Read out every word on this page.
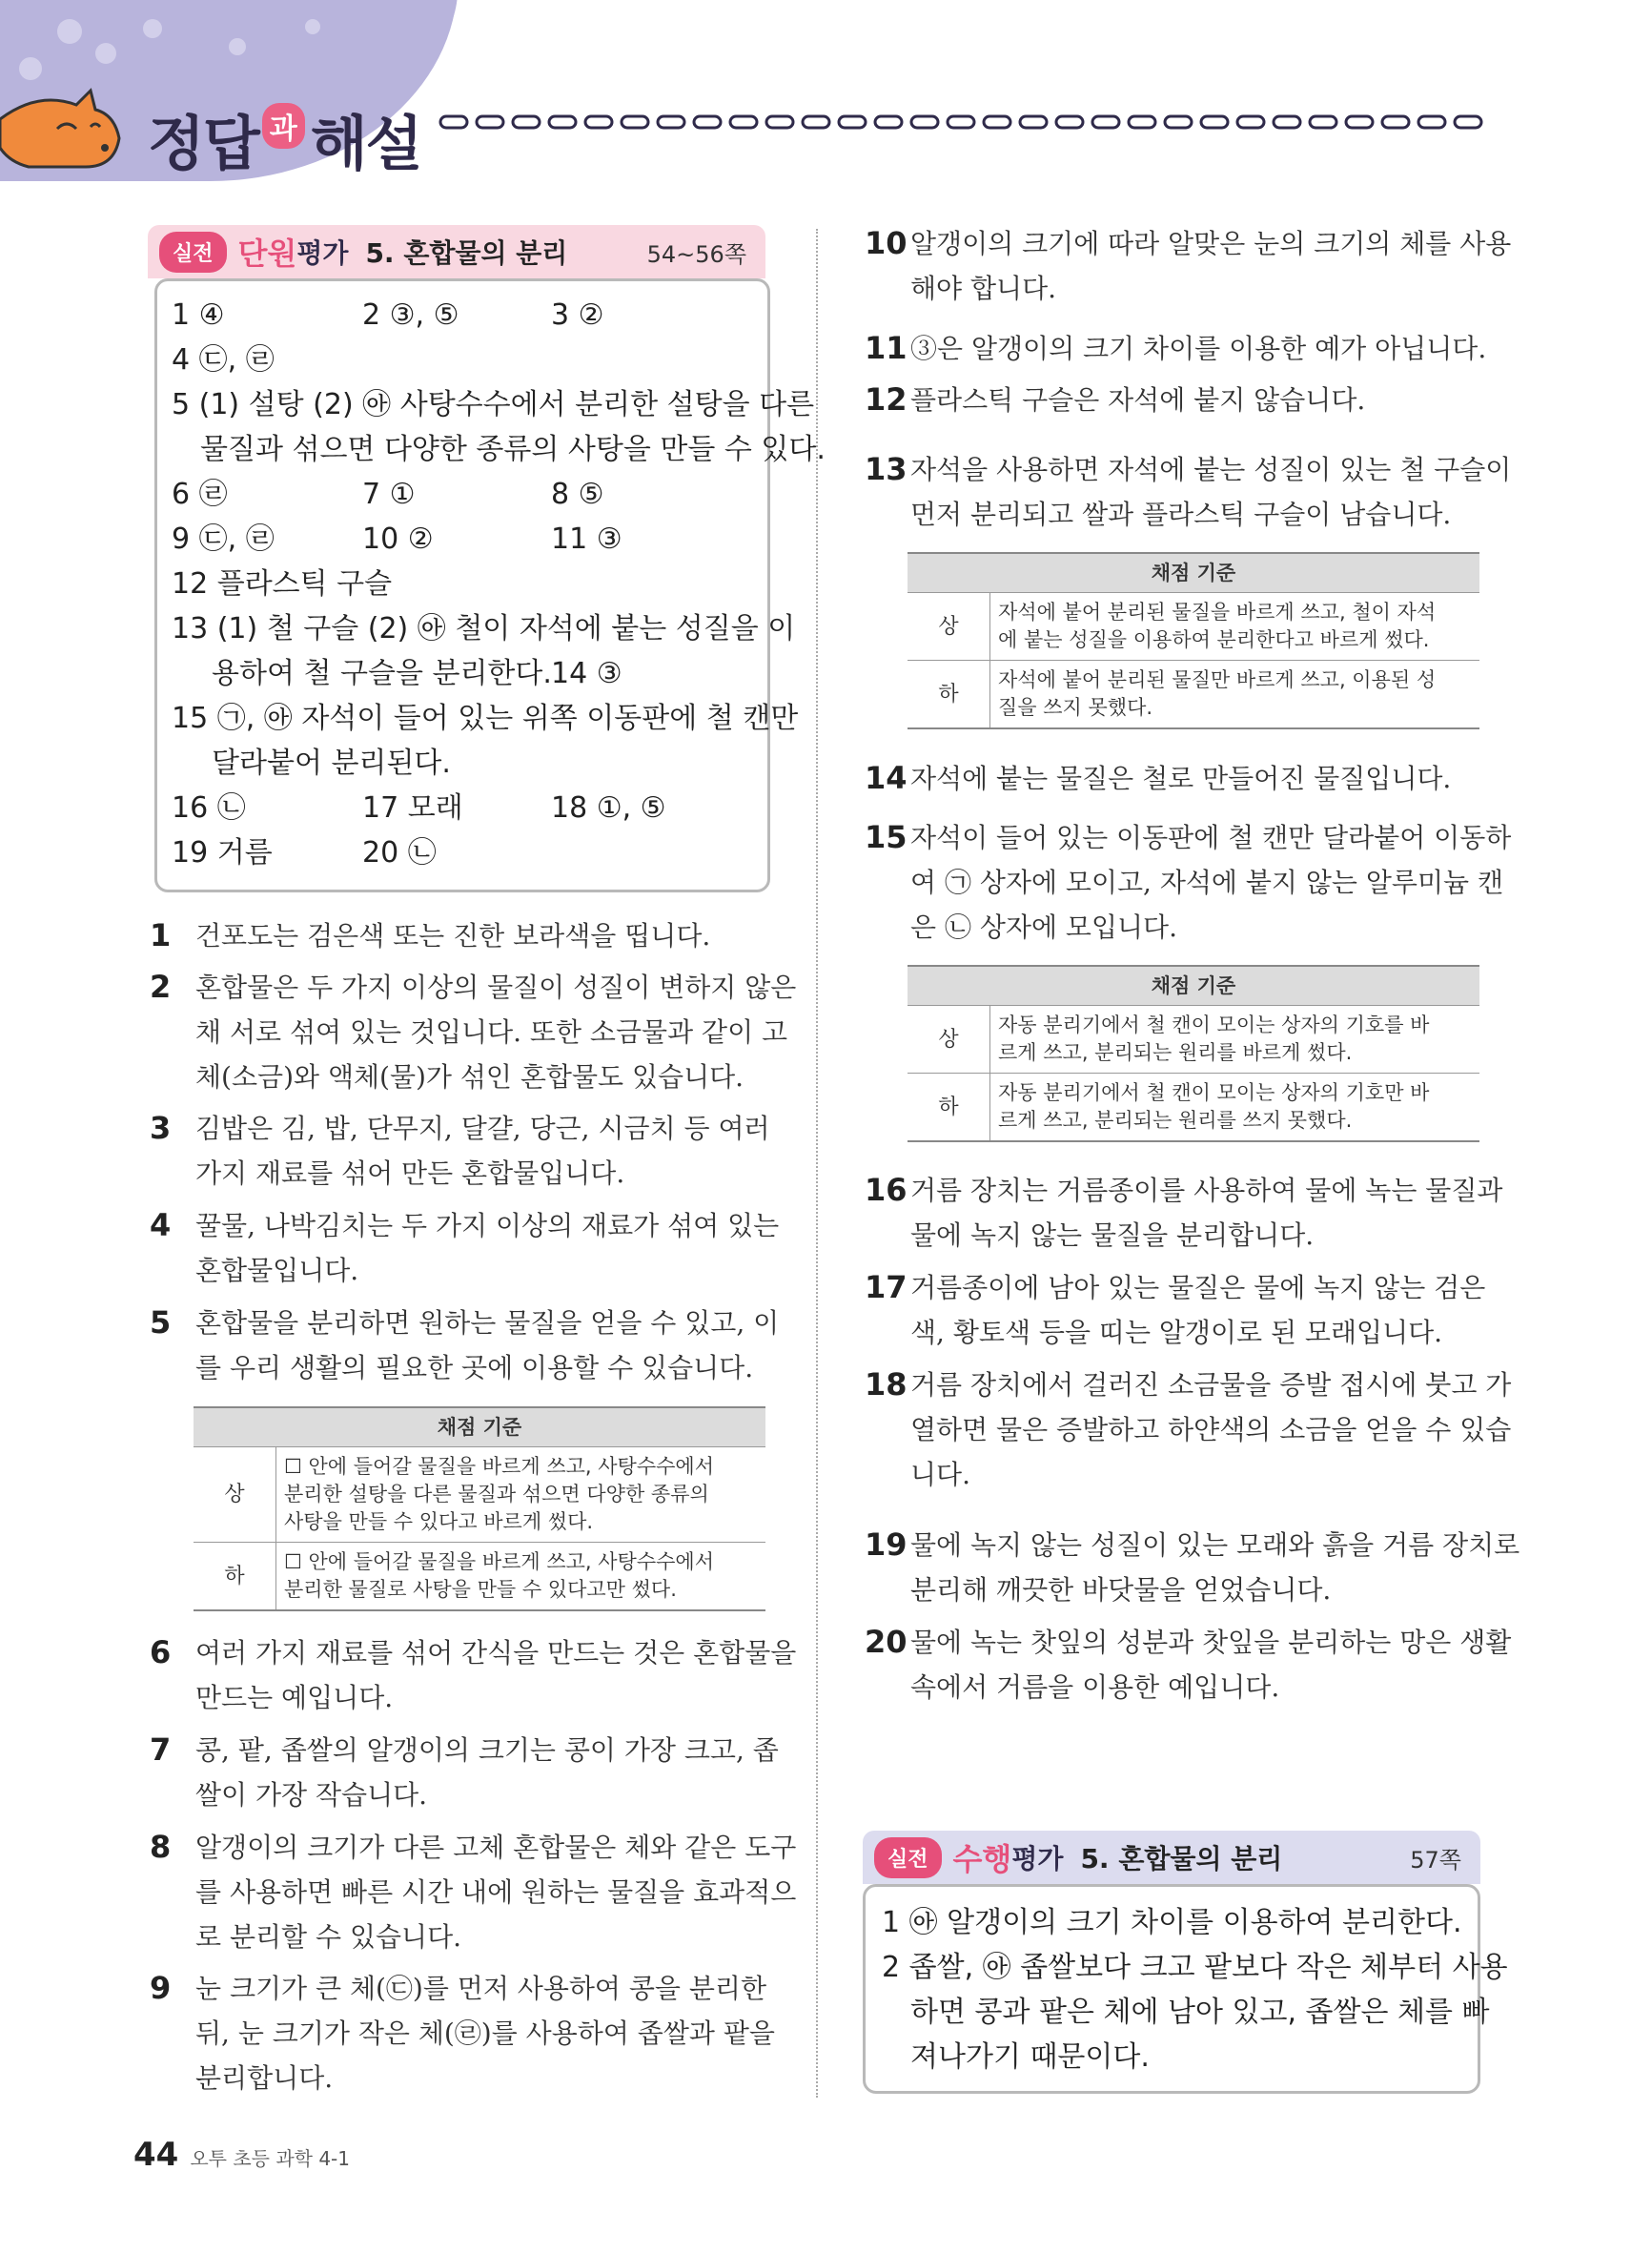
정답 과 해설
실전 단원 평가 5. 혼합물의 분리	54~56쪽
1 ④	2 ③, ⑤	3 ②
4 ㉢, ㉣
5 (1) 설탕 (2) ㉵ 사탕수수에서 분리한 설탕을 다른
물질과 섞으면 다양한 종류의 사탕을 만들 수 있다.
6 ㉣	7 ①	8 ⑤
9 ㉢, ㉣	10 ②	11 ③
12 플라스틱 구슬
13 (1) 철 구슬 (2) ㉵ 철이 자석에 붙는 성질을 이
용하여 철 구슬을 분리한다. 14 ③
15 ㉠, ㉵ 자석이 들어 있는 위쪽 이동판에 철 캔만
달라붙어 분리된다.
16 ㉡	17 모래	18 ①, ⑤
19 거름	20 ㉡
1 건포도는 검은색 또는 진한 보라색을 띱니다.
2 혼합물은 두 가지 이상의 물질이 성질이 변하지 않은
채 서로 섞여 있는 것입니다. 또한 소금물과 같이 고
체(소금)와 액체(물)가 섞인 혼합물도 있습니다.
3 김밥은 김, 밥, 단무지, 달걀, 당근, 시금치 등 여러
가지 재료를 섞어 만든 혼합물입니다.
4 꿀물, 나박김치는 두 가지 이상의 재료가 섞여 있는
혼합물입니다.
5 혼합물을 분리하면 원하는 물질을 얻을 수 있고, 이
를 우리 생활의 필요한 곳에 이용할 수 있습니다.
6 여러 가지 재료를 섞어 간식을 만드는 것은 혼합물을
만드는 예입니다.
7 콩, 팥, 좁쌀의 알갱이의 크기는 콩이 가장 크고, 좁
쌀이 가장 작습니다.
8 알갱이의 크기가 다른 고체 혼합물은 체와 같은 도구
를 사용하면 빠른 시간 내에 원하는 물질을 효과적으
로 분리할 수 있습니다.
9 눈 크기가 큰 체(㉢)를 먼저 사용하여 콩을 분리한
뒤, 눈 크기가 작은 체(㉣)를 사용하여 좁쌀과 팥을
분리합니다.
10 알갱이의 크기에 따라 알맞은 눈의 크기의 체를 사용
해야 합니다.
11 ③은 알갱이의 크기 차이를 이용한 예가 아닙니다.
12 플라스틱 구슬은 자석에 붙지 않습니다.
13 자석을 사용하면 자석에 붙는 성질이 있는 철 구슬이
먼저 분리되고 쌀과 플라스틱 구슬이 남습니다.
14 자석에 붙는 물질은 철로 만들어진 물질입니다.
15 자석이 들어 있는 이동판에 철 캔만 달라붙어 이동하
여 ㉠ 상자에 모이고, 자석에 붙지 않는 알루미늄 캔
은 ㉡ 상자에 모입니다.
16 거름 장치는 거름종이를 사용하여 물에 녹는 물질과
물에 녹지 않는 물질을 분리합니다.
17 거름종이에 남아 있는 물질은 물에 녹지 않는 검은
색, 황토색 등을 띠는 알갱이로 된 모래입니다.
18 거름 장치에서 걸러진 소금물을 증발 접시에 붓고 가
열하면 물은 증발하고 하얀색의 소금을 얻을 수 있습
니다.
19 물에 녹지 않는 성질이 있는 모래와 흙을 거름 장치로
분리해 깨끗한 바닷물을 얻었습니다.
20 물에 녹는 찻잎의 성분과 찻잎을 분리하는 망은 생활
속에서 거름을 이용한 예입니다.
채점 기준	
상	☐ 안에 들어갈 물질을 바르게 쓰고, 사탕수수에서
분리한 설탕을 다른 물질과 섞으면 다양한 종류의
사탕을 만들 수 있다고 바르게 썼다.

하	☐ 안에 들어갈 물질을 바르게 쓰고, 사탕수수에서
분리한 물질로 사탕을 만들 수 있다고만 썼다.
채점 기준	
상	자석에 붙어 분리된 물질을 바르게 쓰고, 철이 자석
에 붙는 성질을 이용하여 분리한다고 바르게 썼다.

하	자석에 붙어 분리된 물질만 바르게 쓰고, 이용된 성
질을 쓰지 못했다.
채점 기준	
상	자동 분리기에서 철 캔이 모이는 상자의 기호를 바
르게 쓰고, 분리되는 원리를 바르게 썼다.

하	자동 분리기에서 철 캔이 모이는 상자의 기호만 바
르게 쓰고, 분리되는 원리를 쓰지 못했다.
실전 수행 평가 5. 혼합물의 분리	57쪽
1 ㉵ 알갱이의 크기 차이를 이용하여 분리한다.
2 좁쌀, ㉵ 좁쌀보다 크고 팥보다 작은 체부터 사용
하면 콩과 팥은 체에 남아 있고, 좁쌀은 체를 빠
져나가기 때문이다.
44 오투 초등 과학 4-1
